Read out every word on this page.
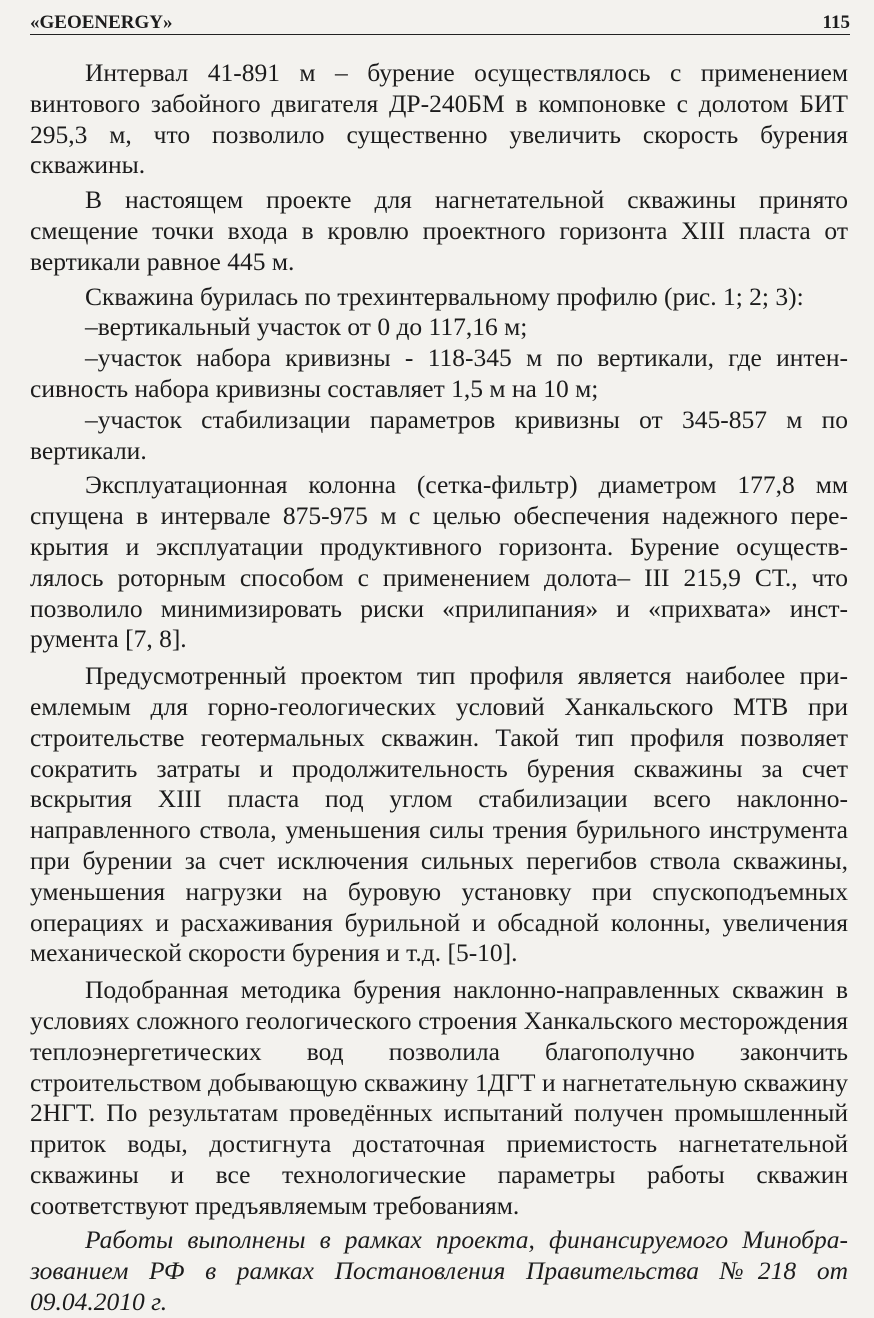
«GEOENERGY»	115

Интервал 41-891 м – бурение осуществлялось с применением винтового забойного двигателя ДР-240БМ в компоновке с долотом БИТ 295,3 м, что позволило существенно увеличить скорость бурения скважины.

В настоящем проекте для нагнетательной скважины принято смещение точки входа в кровлю проектного горизонта XIII пласта от вертикали равное 445 м.

Скважина бурилась по трехинтервальному профилю (рис. 1; 2; 3):

–вертикальный участок от 0 до 117,16 м;

–участок набора кривизны - 118-345 м по вертикали, где интенсивность набора кривизны составляет 1,5 м на 10 м;

–участок стабилизации параметров кривизны от 345-857 м по вертикали.

Эксплуатационная колонна (сетка-фильтр) диаметром 177,8 мм спущена в интервале 875-975 м с целью обеспечения надежного перекрытия и эксплуатации продуктивного горизонта. Бурение осуществлялось роторным способом с применением долота– III 215,9 СТ., что позволило минимизировать риски «прилипания» и «прихвата» инструмента [7, 8].

Предусмотренный проектом тип профиля является наиболее приемлемым для горно-геологических условий Ханкальского МТВ при строительстве геотермальных скважин. Такой тип профиля позволяет сократить затраты и продолжительность бурения скважины за счет вскрытия XIII пласта под углом стабилизации всего наклонно-направленного ствола, уменьшения силы трения бурильного инструмента при бурении за счет исключения сильных перегибов ствола скважины, уменьшения нагрузки на буровую установку при спускоподъемных операциях и расхаживания бурильной и обсадной колонны, увеличения механической скорости бурения и т.д. [5-10].

Подобранная методика бурения наклонно-направленных скважин в условиях сложного геологического строения Ханкальского месторождения теплоэнергетических вод позволила благополучно закончить строительством добывающую скважину 1ДГТ и нагнетательную скважину 2НГТ. По результатам проведённых испытаний получен промышленный приток воды, достигнута достаточная приемистость нагнетательной скважины и все технологические параметры работы скважин соответствуют предъявляемым требованиям.

Работы выполнены в рамках проекта, финансируемого Минобразованием РФ в рамках Постановления Правительства №218 от 09.04.2010 г.
